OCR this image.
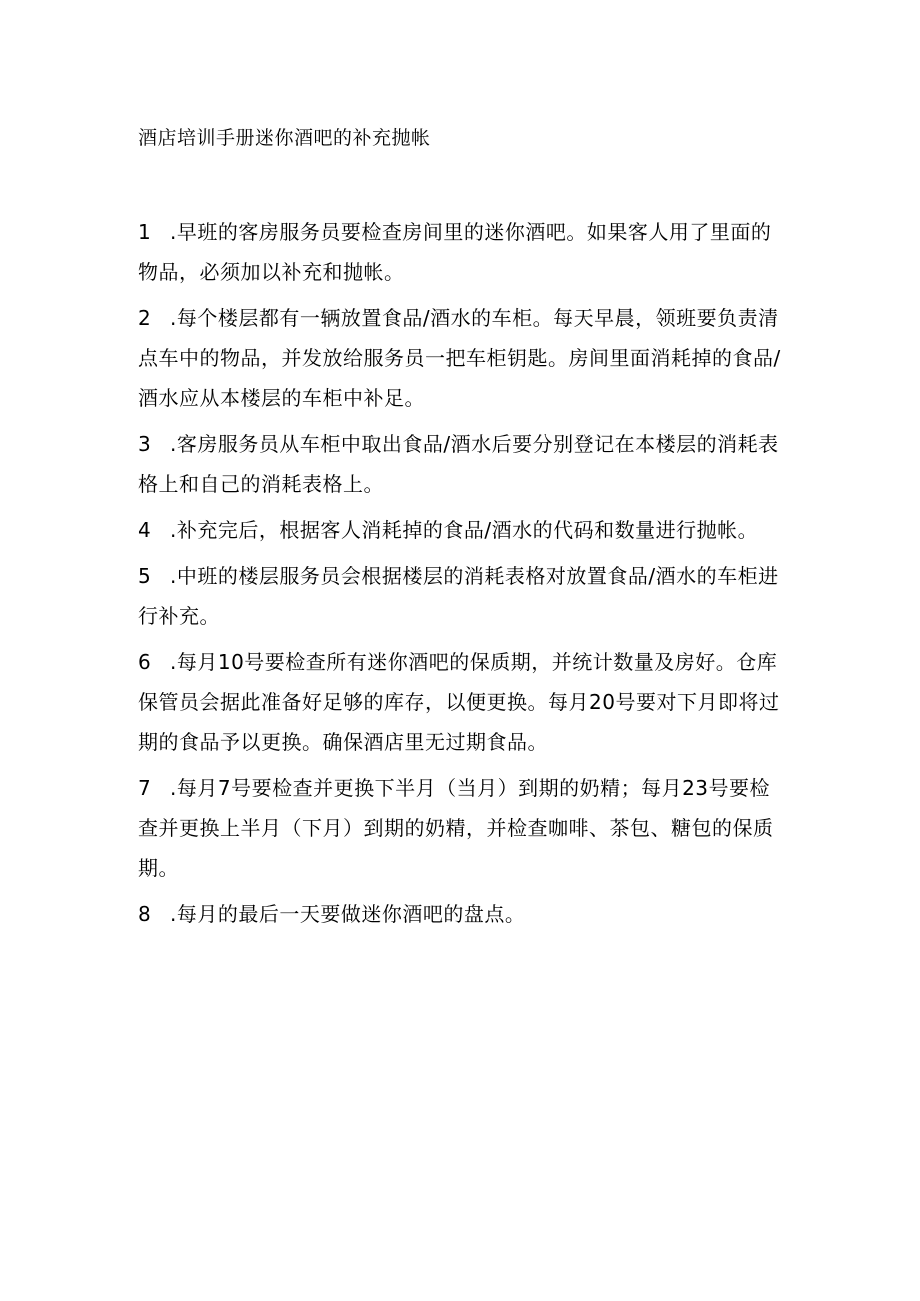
酒店培训手册迷你酒吧的补充抛帐

1 .早班的客房服务员要检查房间里的迷你酒吧。如果客人用了里面的物品，必须加以补充和抛帐。

2 .每个楼层都有一辆放置食品/酒水的车柜。每天早晨，领班要负责清点车中的物品，并发放给服务员一把车柜钥匙。房间里面消耗掉的食品/酒水应从本楼层的车柜中补足。

3 .客房服务员从车柜中取出食品/酒水后要分别登记在本楼层的消耗表格上和自己的消耗表格上。

4 .补充完后，根据客人消耗掉的食品/酒水的代码和数量进行抛帐。

5 .中班的楼层服务员会根据楼层的消耗表格对放置食品/酒水的车柜进行补充。

6 .每月10号要检查所有迷你酒吧的保质期，并统计数量及房好。仓库保管员会据此准备好足够的库存，以便更换。每月20号要对下月即将过期的食品予以更换。确保酒店里无过期食品。

7 .每月7号要检查并更换下半月（当月）到期的奶精；每月23号要检查并更换上半月（下月）到期的奶精，并检查咖啡、茶包、糖包的保质期。

8 .每月的最后一天要做迷你酒吧的盘点。
